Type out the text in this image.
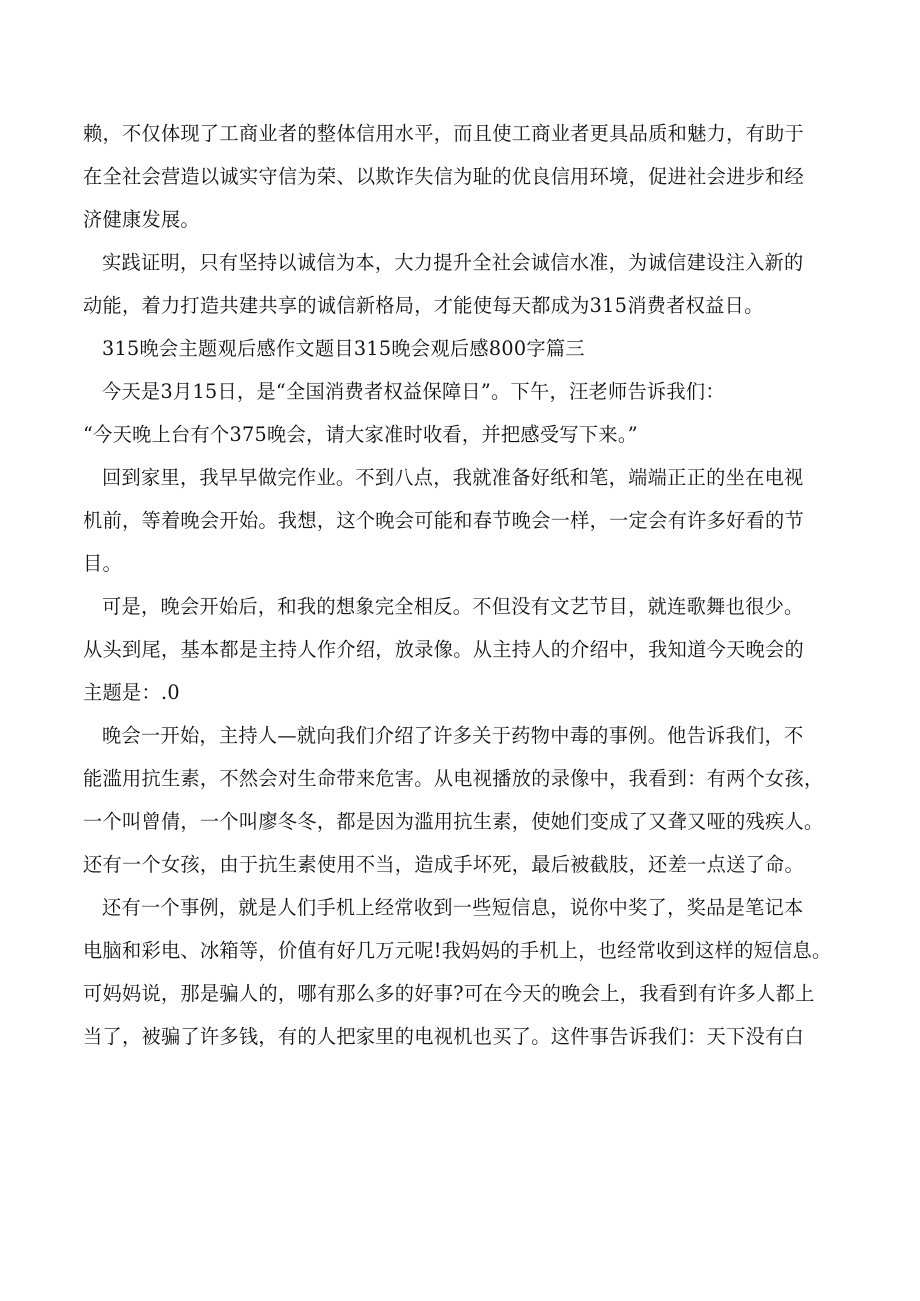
赖，不仅体现了工商业者的整体信用水平，而且使工商业者更具品质和魅力，有助于
在全社会营造以诚实守信为荣、以欺诈失信为耻的优良信用环境，促进社会进步和经
济健康发展。
实践证明，只有坚持以诚信为本，大力提升全社会诚信水准，为诚信建设注入新的
动能，着力打造共建共享的诚信新格局，才能使每天都成为315消费者权益日。
315晚会主题观后感作文题目315晚会观后感800字篇三
今天是3月15日，是“全国消费者权益保障日”。下午，汪老师告诉我们：
“今天晚上台有个375晚会，请大家准时收看，并把感受写下来。”
回到家里，我早早做完作业。不到八点，我就准备好纸和笔，端端正正的坐在电视
机前，等着晚会开始。我想，这个晚会可能和春节晚会一样，一定会有许多好看的节
目。
可是，晚会开始后，和我的想象完全相反。不但没有文艺节目，就连歌舞也很少。
从头到尾，基本都是主持人作介绍，放录像。从主持人的介绍中，我知道今天晚会的
主题是：.0
晚会一开始，主持人—就向我们介绍了许多关于药物中毒的事例。他告诉我们，不
能滥用抗生素，不然会对生命带来危害。从电视播放的录像中，我看到：有两个女孩，
一个叫曾倩，一个叫廖冬冬，都是因为滥用抗生素，使她们变成了又聋又哑的残疾人。
还有一个女孩，由于抗生素使用不当，造成手坏死，最后被截肢，还差一点送了命。
还有一个事例，就是人们手机上经常收到一些短信息，说你中奖了，奖品是笔记本
电脑和彩电、冰箱等，价值有好几万元呢!我妈妈的手机上，也经常收到这样的短信息。
可妈妈说，那是骗人的，哪有那么多的好事?可在今天的晚会上，我看到有许多人都上
当了，被骗了许多钱，有的人把家里的电视机也买了。这件事告诉我们：天下没有白
